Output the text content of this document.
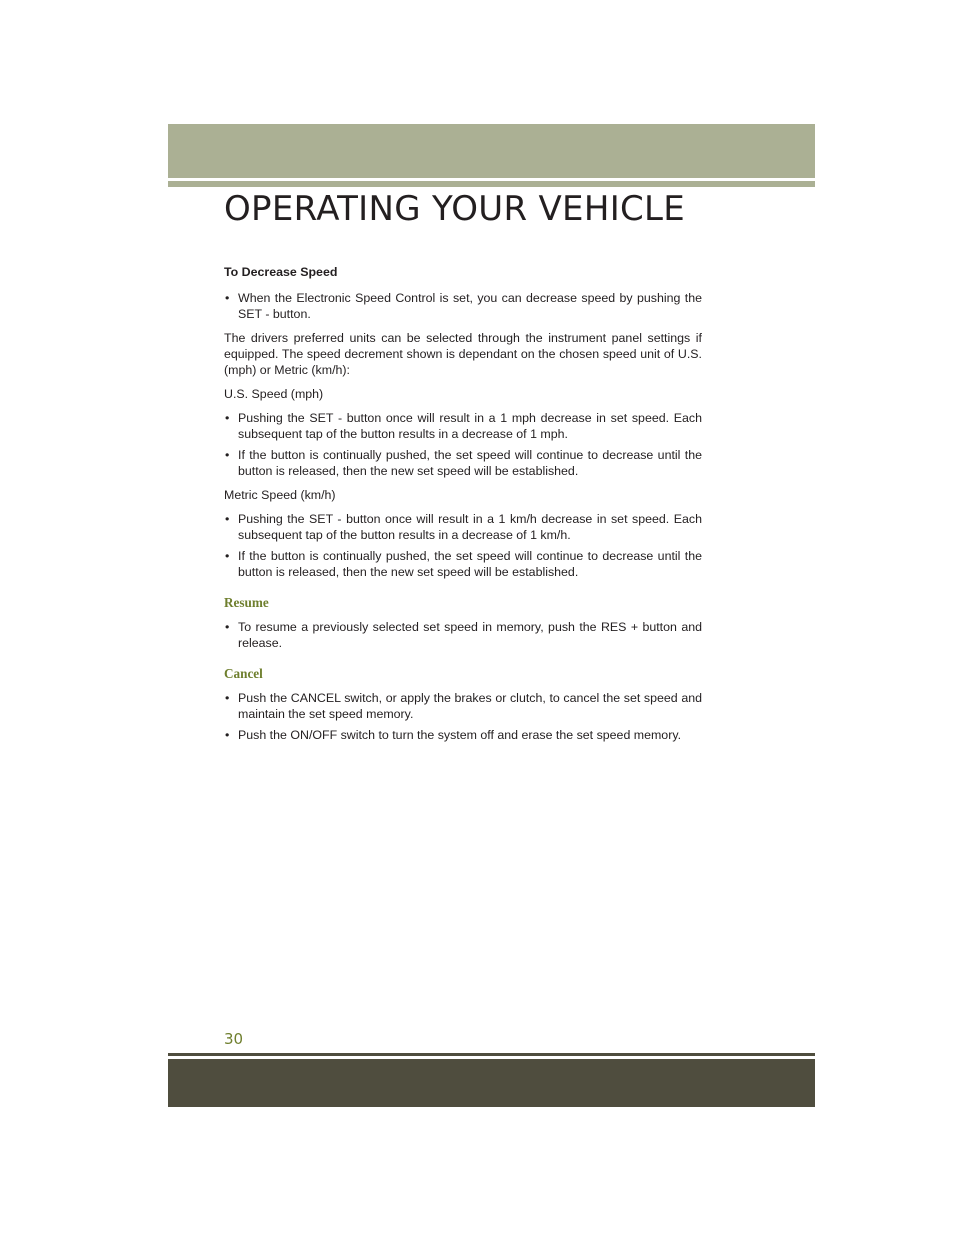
OPERATING YOUR VEHICLE
To Decrease Speed
• When the Electronic Speed Control is set, you can decrease speed by pushing the SET - button.

The drivers preferred units can be selected through the instrument panel settings if equipped. The speed decrement shown is dependant on the chosen speed unit of U.S. (mph) or Metric (km/h):

U.S. Speed (mph)

• Pushing the SET - button once will result in a 1 mph decrease in set speed. Each subsequent tap of the button results in a decrease of 1 mph.
• If the button is continually pushed, the set speed will continue to decrease until the button is released, then the new set speed will be established.

Metric Speed (km/h)

• Pushing the SET - button once will result in a 1 km/h decrease in set speed. Each subsequent tap of the button results in a decrease of 1 km/h.
• If the button is continually pushed, the set speed will continue to decrease until the button is released, then the new set speed will be established.
Resume
• To resume a previously selected set speed in memory, push the RES + button and release.
Cancel
• Push the CANCEL switch, or apply the brakes or clutch, to cancel the set speed and maintain the set speed memory.
• Push the ON/OFF switch to turn the system off and erase the set speed memory.
30
